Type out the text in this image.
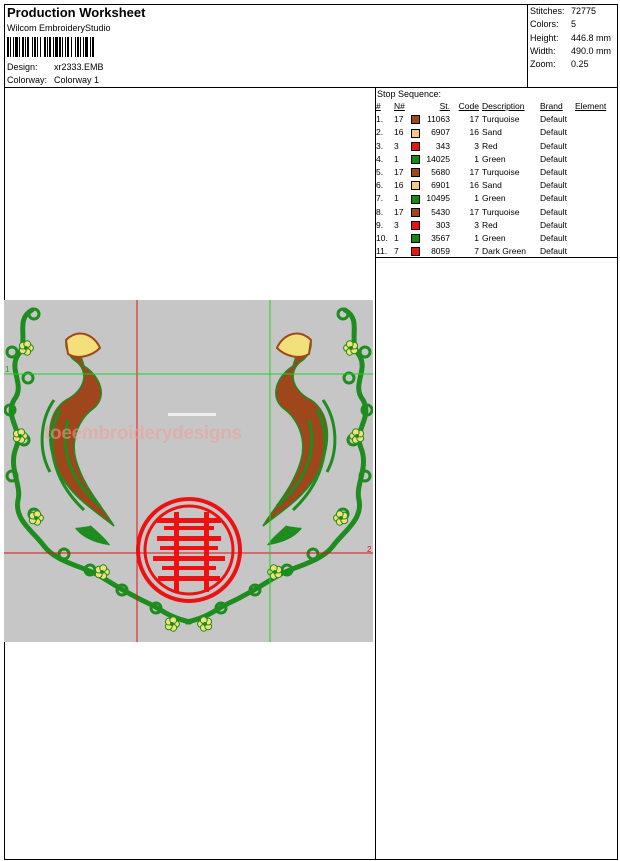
Production Worksheet
Wilcom EmbroideryStudio
Design: xr2333.EMB
Colorway: Colorway 1
Stitches: 72775
Colors: 5
Height: 446.8 mm
Width: 490.0 mm
Zoom: 0.25
Stop Sequence:
#	N#		St.	Code	Description	Brand	Element
1.	17		11063	17	Turquoise	Default	
2.	16		6907	16	Sand	Default	
3.	3		343	3	Red	Default	
4.	1		14025	1	Green	Default	
5.	17		5680	17	Turquoise	Default	
6.	16		6901	16	Sand	Default	
7.	1		10495	1	Green	Default	
8.	17		5430	17	Turquoise	Default	
9.	3		303	3	Red	Default	
10.	1		3567	1	Green	Default	
11.	7		8059	7	Dark Green	Default	
1
2
toeembroiderydesigns
